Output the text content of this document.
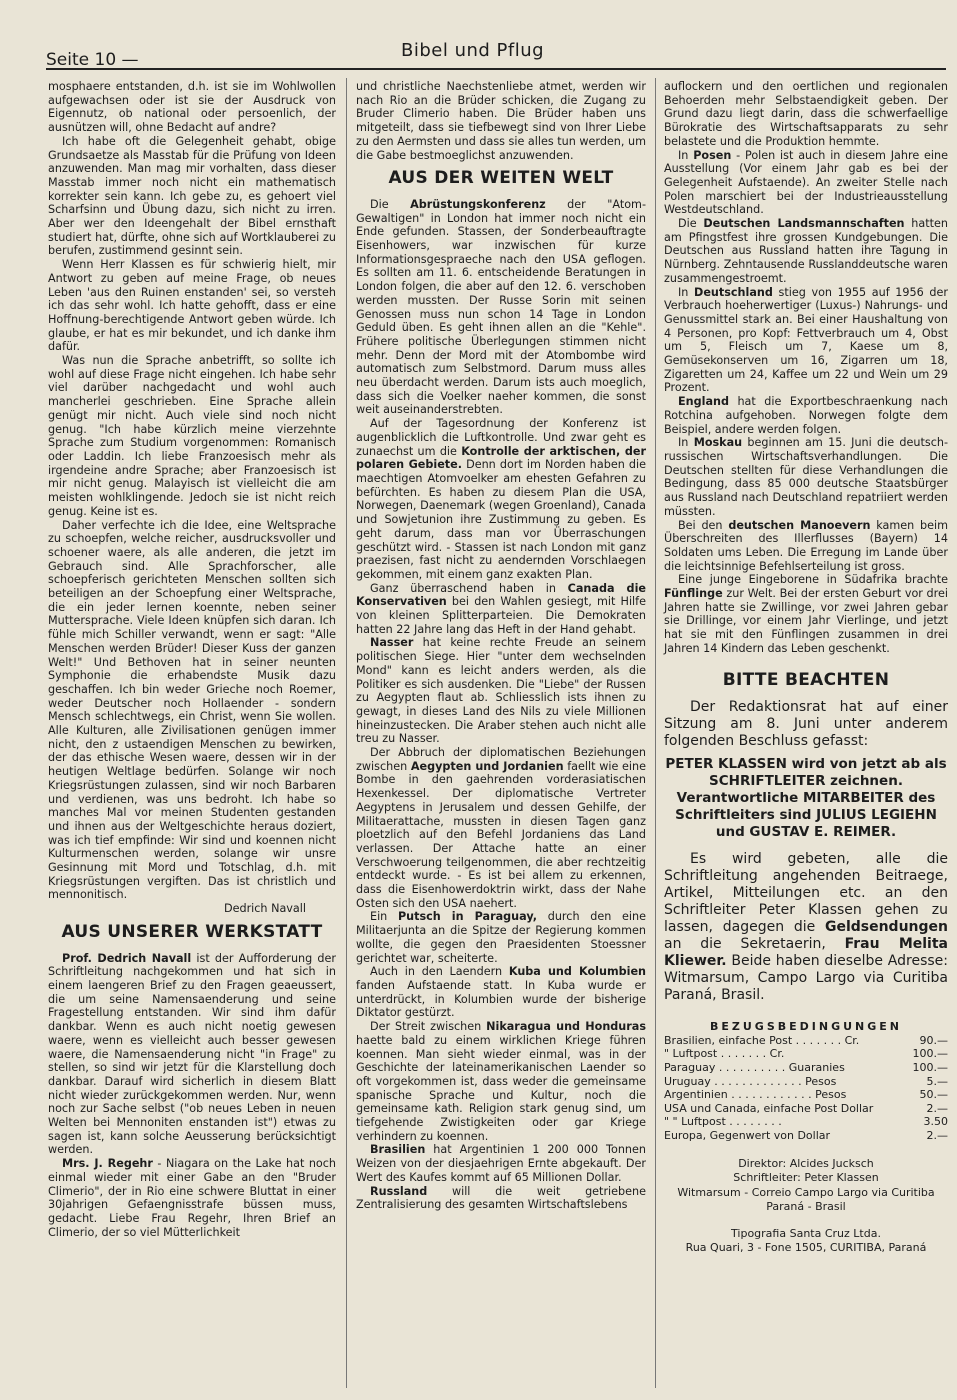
Seite 10 —	Bibel und Pflug

mosphaere entstanden, d.h. ist sie im Wohlwollen aufgewachsen oder ist sie der Ausdruck von Eigennutz, ob national oder persoenlich, der ausnützen will, ohne Bedacht auf andre?

Ich habe oft die Gelegenheit gehabt, obige Grundsaetze als Masstab für die Prüfung von Ideen anzuwenden. Man mag mir vorhalten, dass dieser Masstab immer noch nicht ein mathematisch korrekter sein kann. Ich gebe zu, es gehoert viel Scharfsinn und Übung dazu, sich nicht zu irren. Aber wer den Ideengehalt der Bibel ernsthaft studiert hat, dürfte, ohne sich auf Wortklauberei zu berufen, zustimmend gesinnt sein.

Wenn Herr Klassen es für schwierig hielt, mir Antwort zu geben auf meine Frage, ob neues Leben 'aus den Ruinen enstanden' sei, so versteh ich das sehr wohl. Ich hatte gehofft, dass er eine Hoffnung-berechtigende Antwort geben würde. Ich glaube, er hat es mir bekundet, und ich danke ihm dafür.

Was nun die Sprache anbetrifft, so sollte ich wohl auf diese Frage nicht eingehen. Ich habe sehr viel darüber nachgedacht und wohl auch mancherlei geschrieben. Eine Sprache allein genügt mir nicht. Auch viele sind noch nicht genug. "Ich habe kürzlich meine vierzehnte Sprache zum Studium vorgenommen: Romanisch oder Laddin. Ich liebe Franzoesisch mehr als irgendeine andre Sprache; aber Franzoesisch ist mir nicht genug. Malayisch ist vielleicht die am meisten wohlklingende. Jedoch sie ist nicht reich genug. Keine ist es.

Daher verfechte ich die Idee, eine Weltsprache zu schoepfen, welche reicher, ausdrucksvoller und schoener waere, als alle anderen, die jetzt im Gebrauch sind. Alle Sprachforscher, alle schoepferisch gerichteten Menschen sollten sich beteiligen an der Schoepfung einer Weltsprache, die ein jeder lernen koennte, neben seiner Muttersprache. Viele Ideen knüpfen sich daran. Ich fühle mich Schiller verwandt, wenn er sagt: "Alle Menschen werden Brüder! Dieser Kuss der ganzen Welt!" Und Bethoven hat in seiner neunten Symphonie die erhabendste Musik dazu geschaffen. Ich bin weder Grieche noch Roemer, weder Deutscher noch Hollaender - sondern Mensch schlechtwegs, ein Christ, wenn Sie wollen. Alle Kulturen, alle Zivilisationen genügen immer nicht, den z ustaendigen Menschen zu bewirken, der das ethische Wesen waere, dessen wir in der heutigen Weltlage bedürfen. Solange wir noch Kriegsrüstungen zulassen, sind wir noch Barbaren und verdienen, was uns bedroht. Ich habe so manches Mal vor meinen Studenten gestanden und ihnen aus der Weltgeschichte heraus doziert, was ich tief empfinde: Wir sind und koennen nicht Kulturmenschen werden, solange wir unsre Gesinnung mit Mord und Totschlag, d.h. mit Kriegsrüstungen vergiften. Das ist christlich und mennonitisch.

Dedrich Navall

AUS UNSERER WERKSTATT

Prof. Dedrich Navall ist der Aufforderung der Schriftleitung nachgekommen und hat sich in einem laengeren Brief zu den Fragen geaeussert, die um seine Namensaenderung und seine Fragestellung entstanden. Wir sind ihm dafür dankbar. Wenn es auch nicht noetig gewesen waere, wenn es vielleicht auch besser gewesen waere, die Namensaenderung nicht "in Frage" zu stellen, so sind wir jetzt für die Klarstellung doch dankbar. Darauf wird sicherlich in diesem Blatt nicht wieder zurückgekommen werden. Nur, wenn noch zur Sache selbst ("ob neues Leben in neuen Welten bei Mennoniten enstanden ist") etwas zu sagen ist, kann solche Aeusserung berücksichtigt werden.

Mrs. J. Regehr - Niagara on the Lake hat noch einmal wieder mit einer Gabe an den "Bruder Climerio", der in Rio eine schwere Bluttat in einer 30jahrigen Gefaengnisstrafe büssen muss, gedacht. Liebe Frau Regehr, Ihren Brief an Climerio, der so viel Mütterlichkeit

und christliche Naechstenliebe atmet, werden wir nach Rio an die Brüder schicken, die Zugang zu Bruder Climerio haben. Die Brüder haben uns mitgeteilt, dass sie tiefbewegt sind von Ihrer Liebe zu den Aermsten und dass sie alles tun werden, um die Gabe bestmoeglichst anzuwenden.

AUS DER WEITEN WELT

Die Abrüstungskonferenz der "Atom-Gewaltigen" in London hat immer noch nicht ein Ende gefunden. Stassen, der Sonderbeauftragte Eisenhowers, war inzwischen für kurze Informationsgespraeche nach den USA geflogen. Es sollten am 11. 6. entscheidende Beratungen in London folgen, die aber auf den 12. 6. verschoben werden mussten. Der Russe Sorin mit seinen Genossen muss nun schon 14 Tage in London Geduld üben. Es geht ihnen allen an die "Kehle". Frühere politische Überlegungen stimmen nicht mehr. Denn der Mord mit der Atombombe wird automatisch zum Selbstmord. Darum muss alles neu überdacht werden. Darum ists auch moeglich, dass sich die Voelker naeher kommen, die sonst weit auseinanderstrebten.

Auf der Tagesordnung der Konferenz ist augenblicklich die Luftkontrolle. Und zwar geht es zunaechst um die Kontrolle der arktischen, der polaren Gebiete. Denn dort im Norden haben die maechtigen Atomvoelker am ehesten Gefahren zu befürchten. Es haben zu diesem Plan die USA, Norwegen, Daenemark (wegen Groenland), Canada und Sowjetunion ihre Zustimmung zu geben. Es geht darum, dass man vor Überraschungen geschützt wird. - Stassen ist nach London mit ganz praezisen, fast nicht zu aendernden Vorschlaegen gekommen, mit einem ganz exakten Plan.

Ganz überraschend haben in Canada die Konservativen bei den Wahlen gesiegt, mit Hilfe von kleinen Splitterparteien. Die Demokraten hatten 22 Jahre lang das Heft in der Hand gehabt.

Nasser hat keine rechte Freude an seinem politischen Siege. Hier "unter dem wechselnden Mond" kann es leicht anders werden, als die Politiker es sich ausdenken. Die "Liebe" der Russen zu Aegypten flaut ab. Schliesslich ists ihnen zu gewagt, in dieses Land des Nils zu viele Millionen hineinzustecken. Die Araber stehen auch nicht alle treu zu Nasser.

Der Abbruch der diplomatischen Beziehungen zwischen Aegypten und Jordanien faellt wie eine Bombe in den gaehrenden vorderasiatischen Hexenkessel. Der diplomatische Vertreter Aegyptens in Jerusalem und dessen Gehilfe, der Militaerattache, mussten in diesen Tagen ganz ploetzlich auf den Befehl Jordaniens das Land verlassen. Der Attache hatte an einer Verschwoerung teilgenommen, die aber rechtzeitig entdeckt wurde. - Es ist bei allem zu erkennen, dass die Eisenhowerdoktrin wirkt, dass der Nahe Osten sich den USA naehert.

Ein Putsch in Paraguay, durch den eine Militaerjunta an die Spitze der Regierung kommen wollte, die gegen den Praesidenten Stoessner gerichtet war, scheiterte.

Auch in den Laendern Kuba und Kolumbien fanden Aufstaende statt. In Kuba wurde er unterdrückt, in Kolumbien wurde der bisherige Diktator gestürzt.

Der Streit zwischen Nikaragua und Honduras haette bald zu einem wirklichen Kriege führen koennen. Man sieht wieder einmal, was in der Geschichte der lateinamerikanischen Laender so oft vorgekommen ist, dass weder die gemeinsame spanische Sprache und Kultur, noch die gemeinsame kath. Religion stark genug sind, um tiefgehende Zwistigkeiten oder gar Kriege verhindern zu koennen.

Brasilien hat Argentinien 1 200 000 Tonnen Weizen von der diesjaehrigen Ernte abgekauft. Der Wert des Kaufes kommt auf 65 Millionen Dollar.

Russland will die weit getriebene Zentralisierung des gesamten Wirtschaftslebens

auflockern und den oertlichen und regionalen Behoerden mehr Selbstaendigkeit geben. Der Grund dazu liegt darin, dass die schwerfaellige Bürokratie des Wirtschaftsapparats zu sehr belastete und die Produktion hemmte.

In Posen - Polen ist auch in diesem Jahre eine Ausstellung (Vor einem Jahr gab es bei der Gelegenheit Aufstaende). An zweiter Stelle nach Polen marschiert bei der Industrieausstellung Westdeutschland.

Die Deutschen Landsmannschaften hatten am Pfingstfest ihre grossen Kundgebungen. Die Deutschen aus Russland hatten ihre Tagung in Nürnberg. Zehntausende Russlanddeutsche waren zusammengestroemt.

In Deutschland stieg von 1955 auf 1956 der Verbrauch hoeherwertiger (Luxus-) Nahrungs- und Genussmittel stark an. Bei einer Haushaltung von 4 Personen, pro Kopf: Fettverbrauch um 4, Obst um 5, Fleisch um 7, Kaese um 8, Gemüsekonserven um 16, Zigarren um 18, Zigaretten um 24, Kaffee um 22 und Wein um 29 Prozent.

England hat die Exportbeschraenkung nach Rotchina aufgehoben. Norwegen folgte dem Beispiel, andere werden folgen.

In Moskau beginnen am 15. Juni die deutsch-russischen Wirtschaftsverhandlungen. Die Deutschen stellten für diese Verhandlungen die Bedingung, dass 85 000 deutsche Staatsbürger aus Russland nach Deutschland repatriiert werden müssten.

Bei den deutschen Manoevern kamen beim Überschreiten des Illerflusses (Bayern) 14 Soldaten ums Leben. Die Erregung im Lande über die leichtsinnige Befehlserteilung ist gross.

Eine junge Eingeborene in Südafrika brachte Fünflinge zur Welt. Bei der ersten Geburt vor drei Jahren hatte sie Zwillinge, vor zwei Jahren gebar sie Drillinge, vor einem Jahr Vierlinge, und jetzt hat sie mit den Fünflingen zusammen in drei Jahren 14 Kindern das Leben geschenkt.

BITTE BEACHTEN

Der Redaktionsrat hat auf einer Sitzung am 8. Juni unter anderem folgenden Beschluss gefasst:

PETER KLASSEN wird von jetzt ab als SCHRIFTLEITER zeichnen. Verantwortliche MITARBEITER des Schriftleiters sind JULIUS LEGIEHN und GUSTAV E. REIMER.

Es wird gebeten, alle die Schriftleitung angehenden Beitraege, Artikel, Mitteilungen etc. an den Schriftleiter Peter Klassen gehen zu lassen, dagegen die Geldsendungen an die Sekretaerin, Frau Melita Kliewer. Beide haben dieselbe Adresse: Witmarsum, Campo Largo via Curitiba Paraná, Brasil.

BEZUGSBEDINGUNGEN
Brasilien, einfache Post . . . . . . . Cr.	90.—
" Luftpost . . . . . . . Cr.	100.—
Paraguay . . . . . . . . . . Guaranies	100.—
Uruguay . . . . . . . . . . . . . Pesos	5.—
Argentinien . . . . . . . . . . . . Pesos	50.—
USA und Canada, einfache Post Dollar	2.—
" " Luftpost . . . . . . . .	3.50
Europa, Gegenwert von Dollar	2.—
Direktor: Alcides Jucksch
Schriftleiter: Peter Klassen
Witmarsum - Correio Campo Largo via Curitiba
Paraná - Brasil
Tipografia Santa Cruz Ltda.
Rua Quari, 3 - Fone 1505, CURITIBA, Paraná
